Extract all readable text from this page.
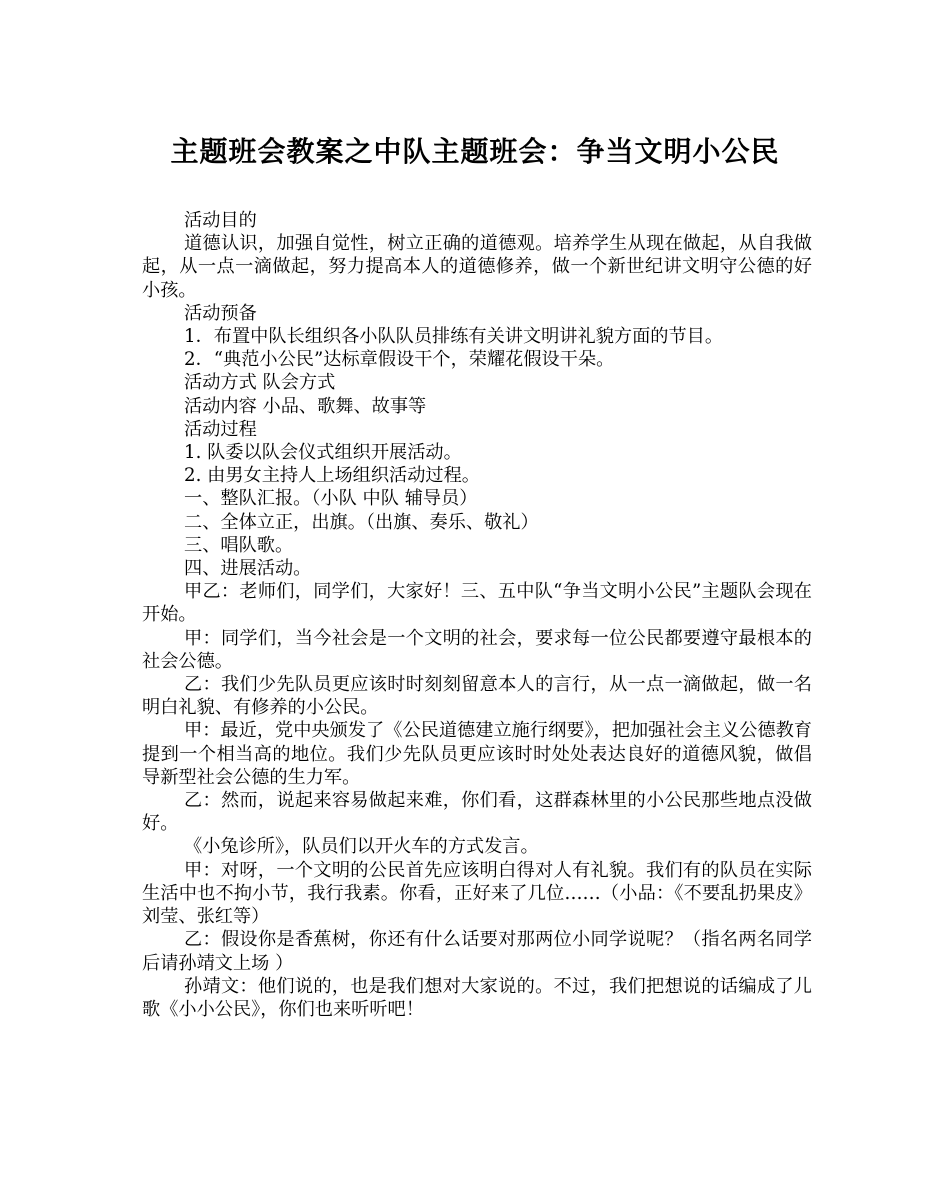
主题班会教案之中队主题班会：争当文明小公民

活动目的

道德认识，加强自觉性，树立正确的道德观。培养学生从现在做起，从自我做起，从一点一滴做起，努力提高本人的道德修养，做一个新世纪讲文明守公德的好小孩。

活动预备

1．布置中队长组织各小队队员排练有关讲文明讲礼貌方面的节目。

2．“典范小公民”达标章假设干个，荣耀花假设干朵。

活动方式 队会方式

活动内容 小品、歌舞、故事等

活动过程

1. 队委以队会仪式组织开展活动。

2. 由男女主持人上场组织活动过程。

一、整队汇报。（小队 中队 辅导员）

二、全体立正，出旗。（出旗、奏乐、敬礼）

三、唱队歌。

四、进展活动。

甲乙：老师们，同学们，大家好！三、五中队“争当文明小公民”主题队会现在开始。

甲：同学们，当今社会是一个文明的社会，要求每一位公民都要遵守最根本的社会公德。

乙：我们少先队员更应该时时刻刻留意本人的言行，从一点一滴做起，做一名明白礼貌、有修养的小公民。

甲：最近，党中央颁发了《公民道德建立施行纲要》，把加强社会主义公德教育提到一个相当高的地位。我们少先队员更应该时时处处表达良好的道德风貌，做倡导新型社会公德的生力军。

乙：然而，说起来容易做起来难，你们看，这群森林里的小公民那些地点没做好。

《小兔诊所》，队员们以开火车的方式发言。

甲：对呀，一个文明的公民首先应该明白得对人有礼貌。我们有的队员在实际生活中也不拘小节，我行我素。你看，正好来了几位……（小品：《不要乱扔果皮》刘莹、张红等）

乙：假设你是香蕉树，你还有什么话要对那两位小同学说呢？（指名两名同学后请孙靖文上场 ）

孙靖文：他们说的，也是我们想对大家说的。不过，我们把想说的话编成了儿歌《小小公民》，你们也来听听吧！
